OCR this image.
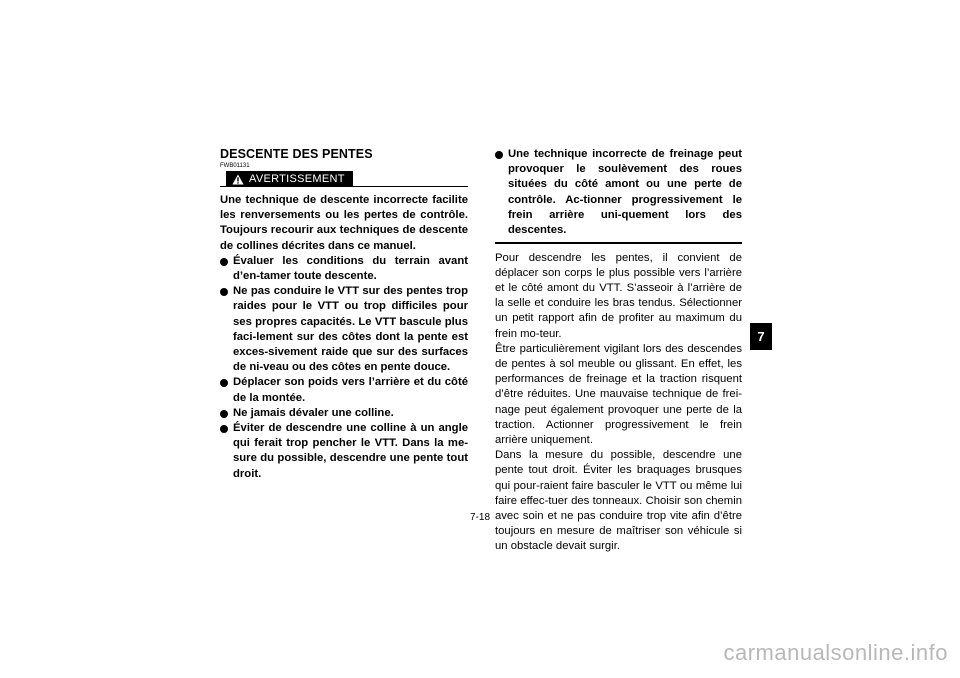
DESCENTE DES PENTES
FWB01131
AVERTISSEMENT

Une technique de descente incorrecte facilite les renversements ou les pertes de contrôle. Toujours recourir aux techniques de descente de collines décrites dans ce manuel.

Évaluer les conditions du terrain avant d’en-tamer toute descente.
Ne pas conduire le VTT sur des pentes trop raides pour le VTT ou trop difficiles pour ses propres capacités. Le VTT bascule plus faci-lement sur des côtes dont la pente est exces-sivement raide que sur des surfaces de ni-veau ou des côtes en pente douce.
Déplacer son poids vers l’arrière et du côté de la montée.
Ne jamais dévaler une colline.
Éviter de descendre une colline à un angle qui ferait trop pencher le VTT. Dans la me-sure du possible, descendre une pente tout droit.
Une technique incorrecte de freinage peut provoquer le soulèvement des roues situées du côté amont ou une perte de contrôle. Ac-tionner progressivement le frein arrière uni-quement lors des descentes.

Pour descendre les pentes, il convient de déplacer son corps le plus possible vers l’arrière et le côté amont du VTT. S’asseoir à l’arrière de la selle et conduire les bras tendus. Sélectionner un petit rapport afin de profiter au maximum du frein mo-teur.

Être particulièrement vigilant lors des descendes de pentes à sol meuble ou glissant. En effet, les performances de freinage et la traction risquent d’être réduites. Une mauvaise technique de frei-nage peut également provoquer une perte de la traction. Actionner progressivement le frein arrière uniquement.

Dans la mesure du possible, descendre une pente tout droit. Éviter les braquages brusques qui pour-raient faire basculer le VTT ou même lui faire effec-tuer des tonneaux. Choisir son chemin avec soin et ne pas conduire trop vite afin d’être toujours en mesure de maîtriser son véhicule si un obstacle devait surgir.

7
7-18
carmanualsonline.info
